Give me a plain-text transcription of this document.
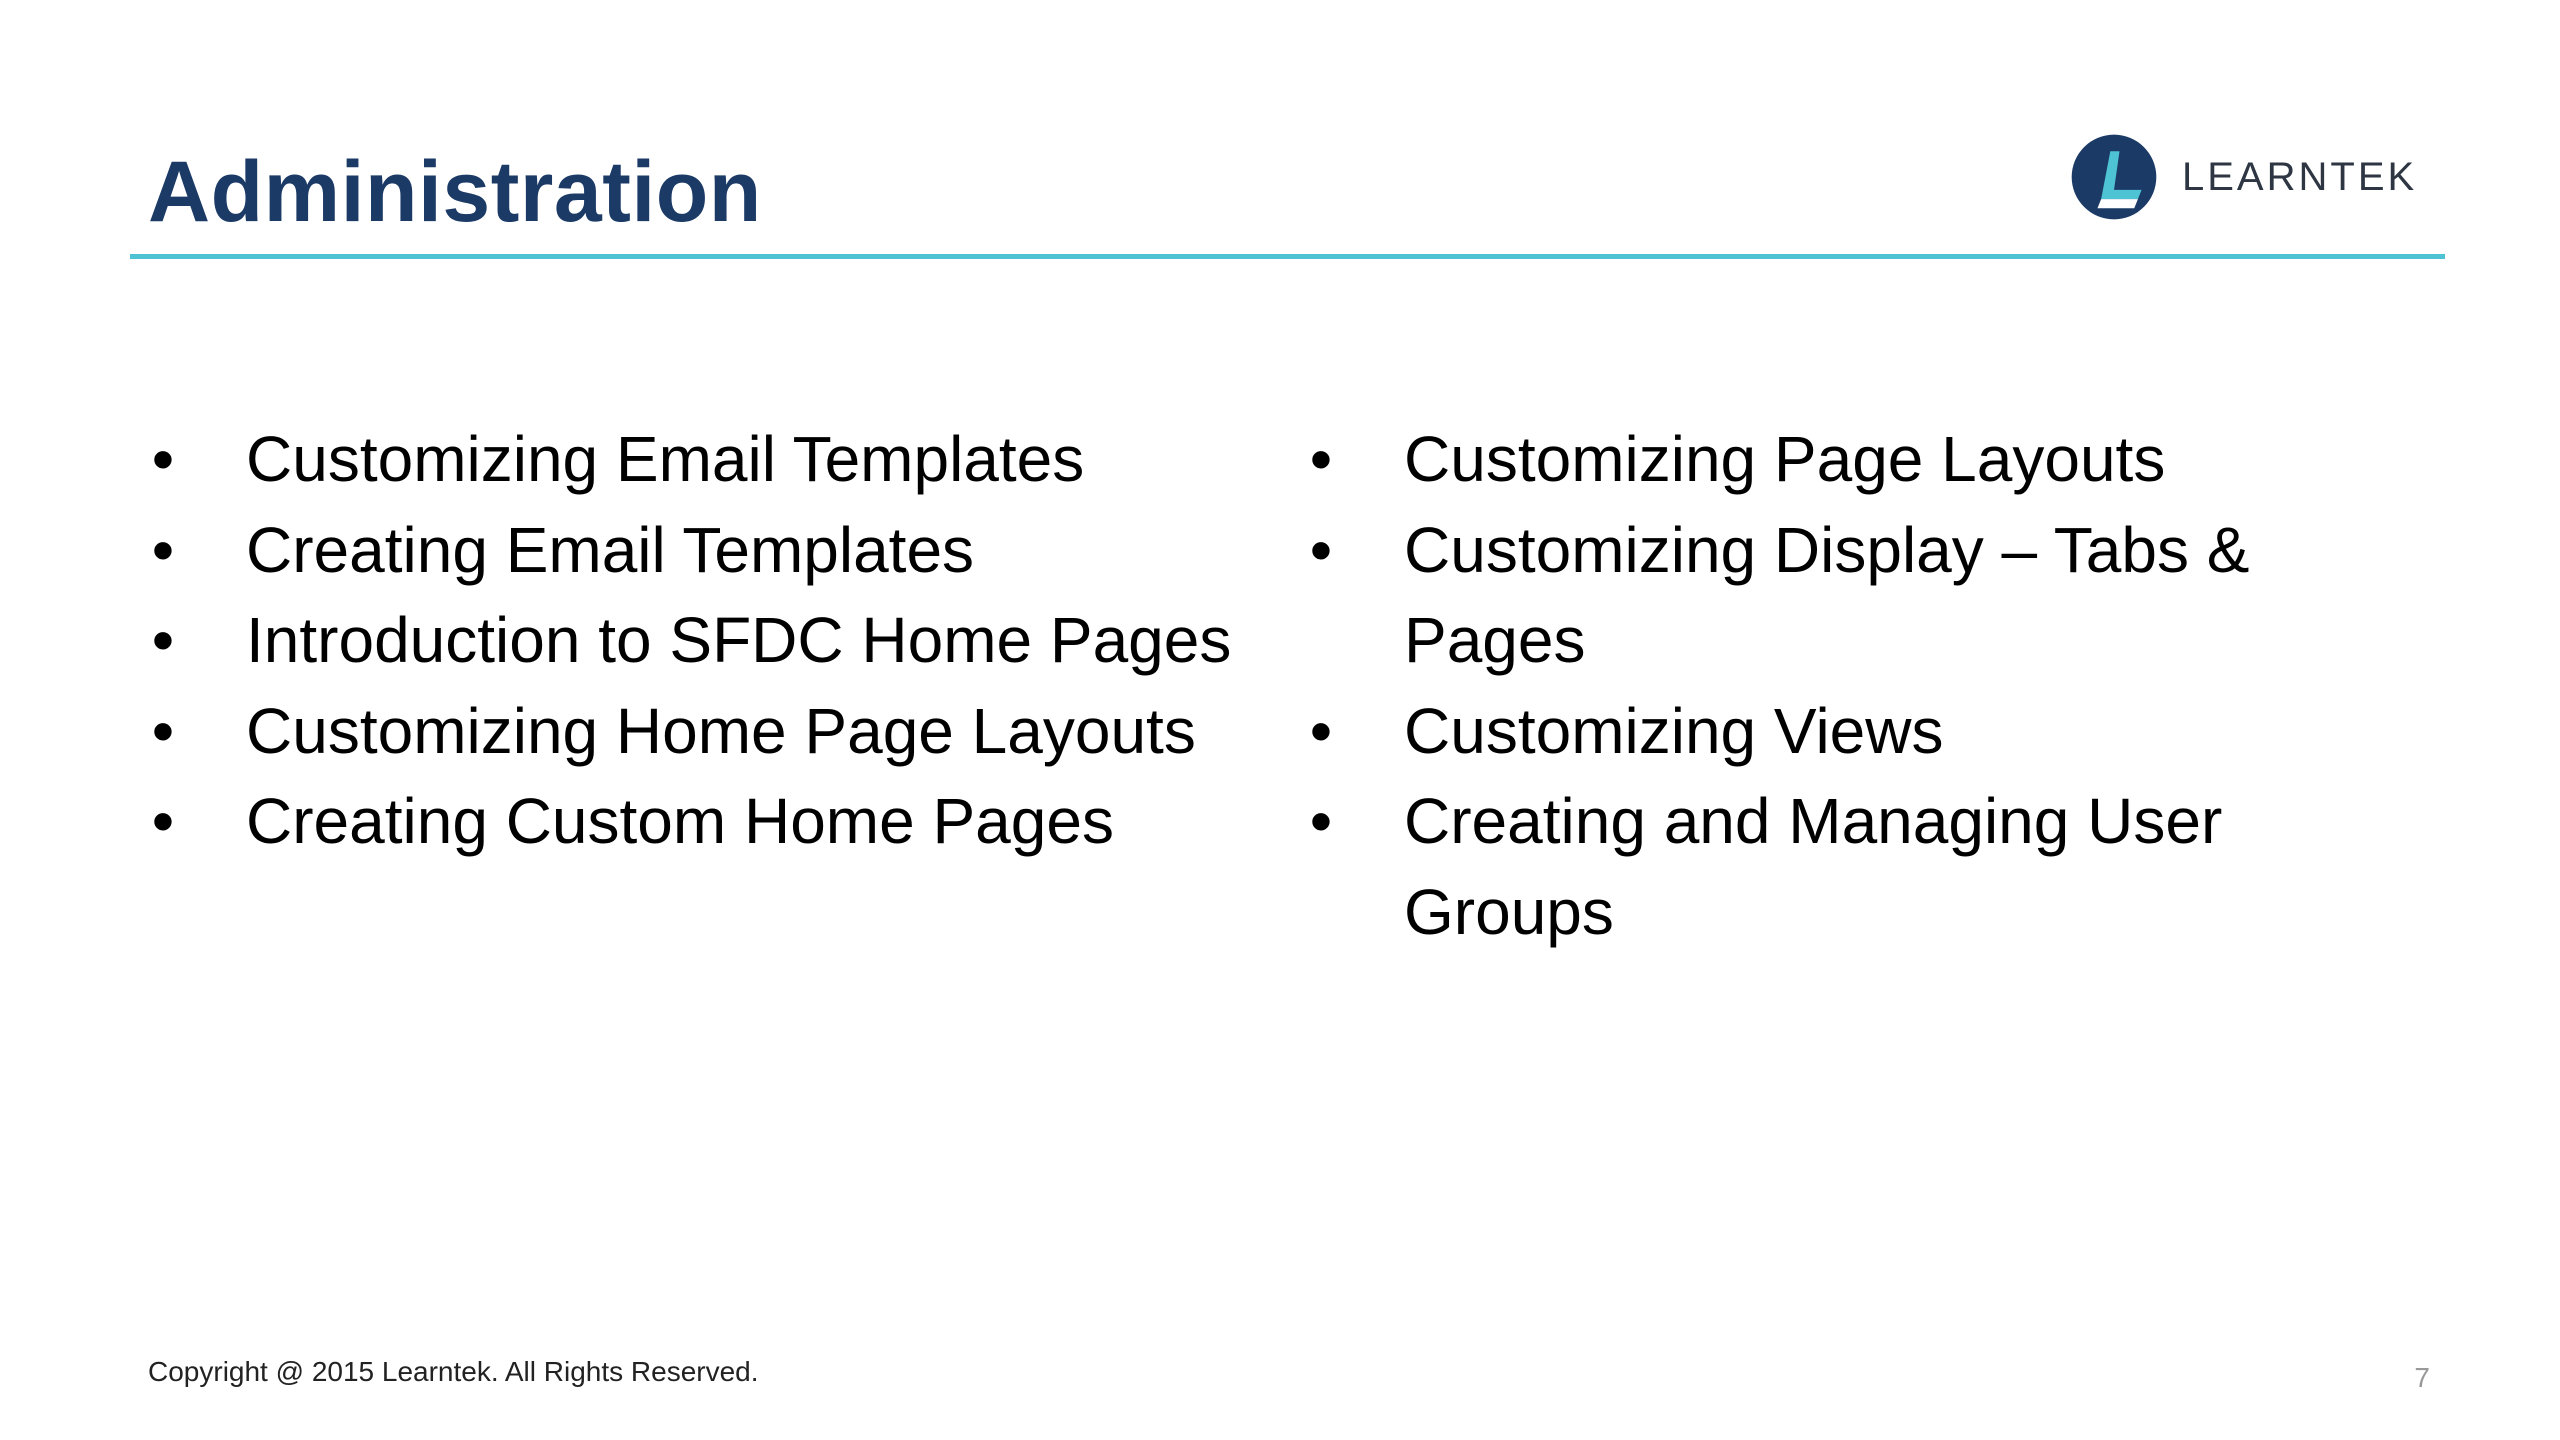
Administration	LEARNTEK
• Customizing Email Templates
• Creating Email Templates
• Introduction to SFDC Home Pages
• Customizing Home Page Layouts
• Creating Custom Home Pages
• Customizing Page Layouts
• Customizing Display – Tabs & Pages
• Customizing Views
• Creating and Managing User Groups
Copyright @ 2015 Learntek. All Rights Reserved.	7
